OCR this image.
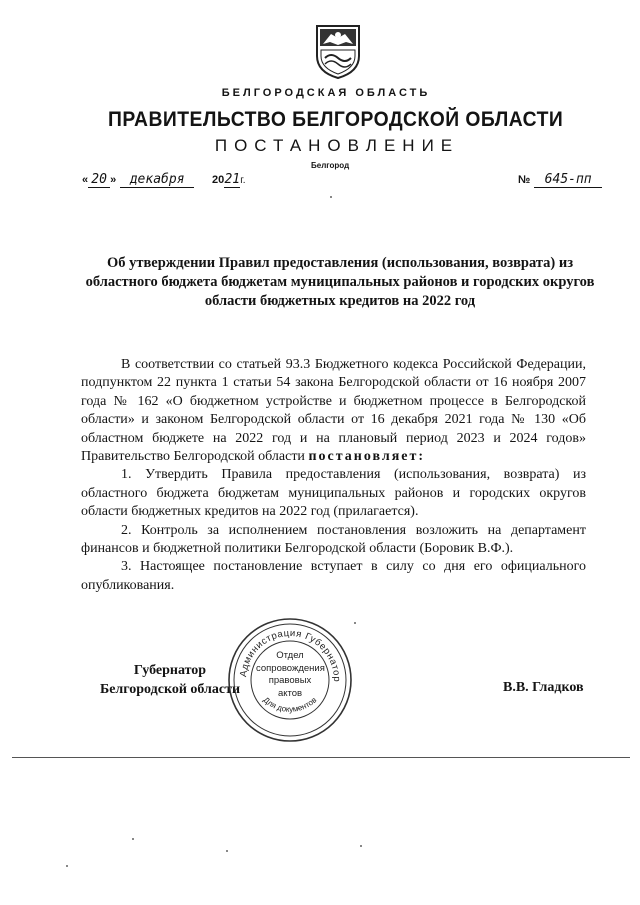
БЕЛГОРОДСКАЯ ОБЛАСТЬ
ПРАВИТЕЛЬСТВО БЕЛГОРОДСКОЙ ОБЛАСТИ
ПОСТАНОВЛЕНИЕ
Белгород
« 20 » декабря	2021г.	№ 645-пп
Об утверждении Правил предоставления (использования, возврата) из областного бюджета бюджетам муниципальных районов и городских округов области бюджетных кредитов на 2022 год

В соответствии со статьей 93.3 Бюджетного кодекса Российской Федерации, подпунктом 22 пункта 1 статьи 54 закона Белгородской области от 16 ноября 2007 года № 162 «О бюджетном устройстве и бюджетном процессе в Белгородской области» и законом Белгородской области от 16 декабря 2021 года № 130 «Об областном бюджете на 2022 год и на плановый период 2023 и 2024 годов» Правительство Белгородской области постановляет:

1. Утвердить Правила предоставления (использования, возврата) из областного бюджета бюджетам муниципальных районов и городских округов области бюджетных кредитов на 2022 год (прилагается).

2. Контроль за исполнением постановления возложить на департамент финансов и бюджетной политики Белгородской области (Боровик В.Ф.).

3. Настоящее постановление вступает в силу со дня его официального опубликования.

Губернатор
Белгородской области	В.В. Гладков
Администрация Губернатор
Для документов
Отдел
сопровождения
правовых
актов
